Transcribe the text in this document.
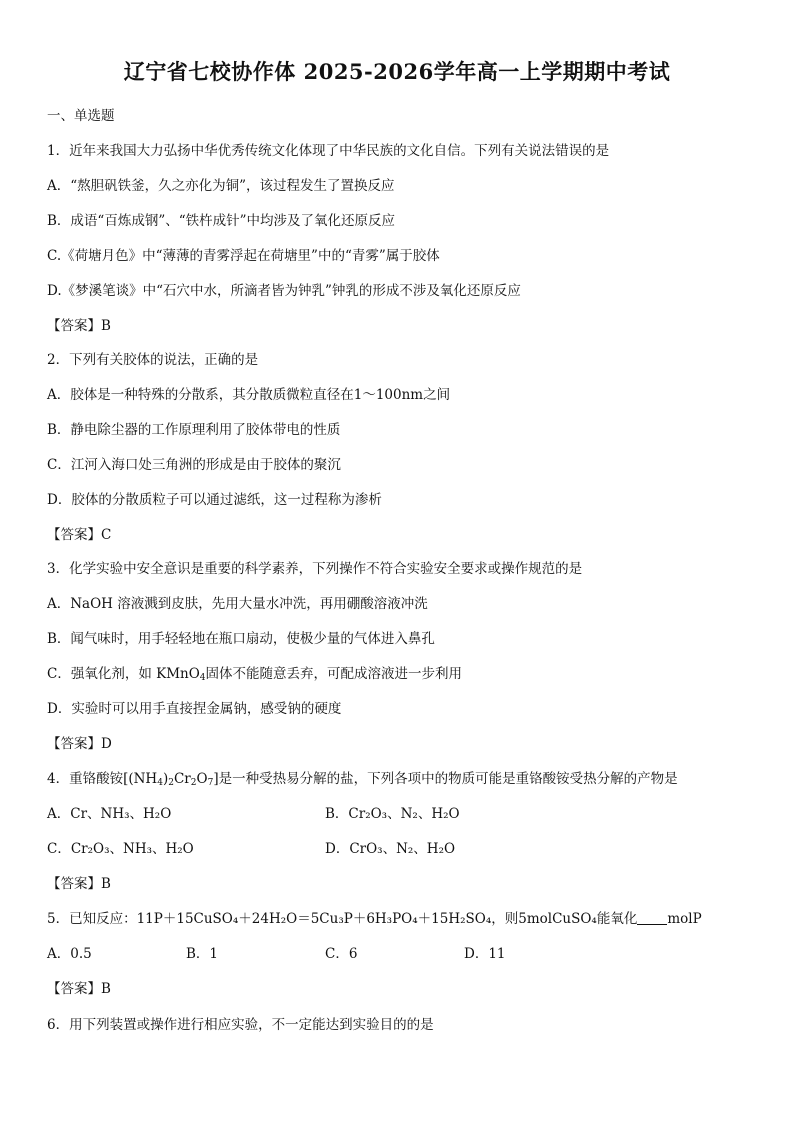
辽宁省七校协作体 2025-2026学年高一上学期期中考试
一、单选题
1．近年来我国大力弘扬中华优秀传统文化体现了中华民族的文化自信。下列有关说法错误的是
A．“熬胆矾铁釜，久之亦化为铜”，该过程发生了置换反应
B．成语“百炼成钢”、“铁杵成针”中均涉及了氧化还原反应
C.《荷塘月色》中“薄薄的青雾浮起在荷塘里”中的“青雾”属于胶体
D.《梦溪笔谈》中“石穴中水，所滴者皆为钟乳”钟乳的形成不涉及氧化还原反应
【答案】B
2．下列有关胶体的说法，正确的是
A．胶体是一种特殊的分散系，其分散质微粒直径在1～100nm之间
B．静电除尘器的工作原理利用了胶体带电的性质
C．江河入海口处三角洲的形成是由于胶体的聚沉
D．胶体的分散质粒子可以通过滤纸，这一过程称为渗析
【答案】C
3．化学实验中安全意识是重要的科学素养，下列操作不符合实验安全要求或操作规范的是
A．NaOH 溶液溅到皮肤，先用大量水冲洗，再用硼酸溶液冲洗
B．闻气味时，用手轻轻地在瓶口扇动，使极少量的气体进入鼻孔
C．强氧化剂，如 KMnO$_4$固体不能随意丢弃，可配成溶液进一步利用
D．实验时可以用手直接捏金属钠，感受钠的硬度
【答案】D
4．重铬酸铵$[(NH_4)_2Cr_2O_7]$是一种受热易分解的盐，下列各项中的物质可能是重铬酸铵受热分解的产物是
A．Cr、NH₃、H₂O	B．Cr₂O₃、N₂、H₂O
C．Cr₂O₃、NH₃、H₂O	D．CrO₃、N₂、H₂O
【答案】B
5．已知反应：11P＋15CuSO₄＋24H₂O＝5Cu₃P＋6H₃PO₄＋15H₂SO₄，则5molCuSO₄能氧化 molP
A．0.5	B．1	C．6	D．11
【答案】B
6．用下列装置或操作进行相应实验，不一定能达到实验目的的是
